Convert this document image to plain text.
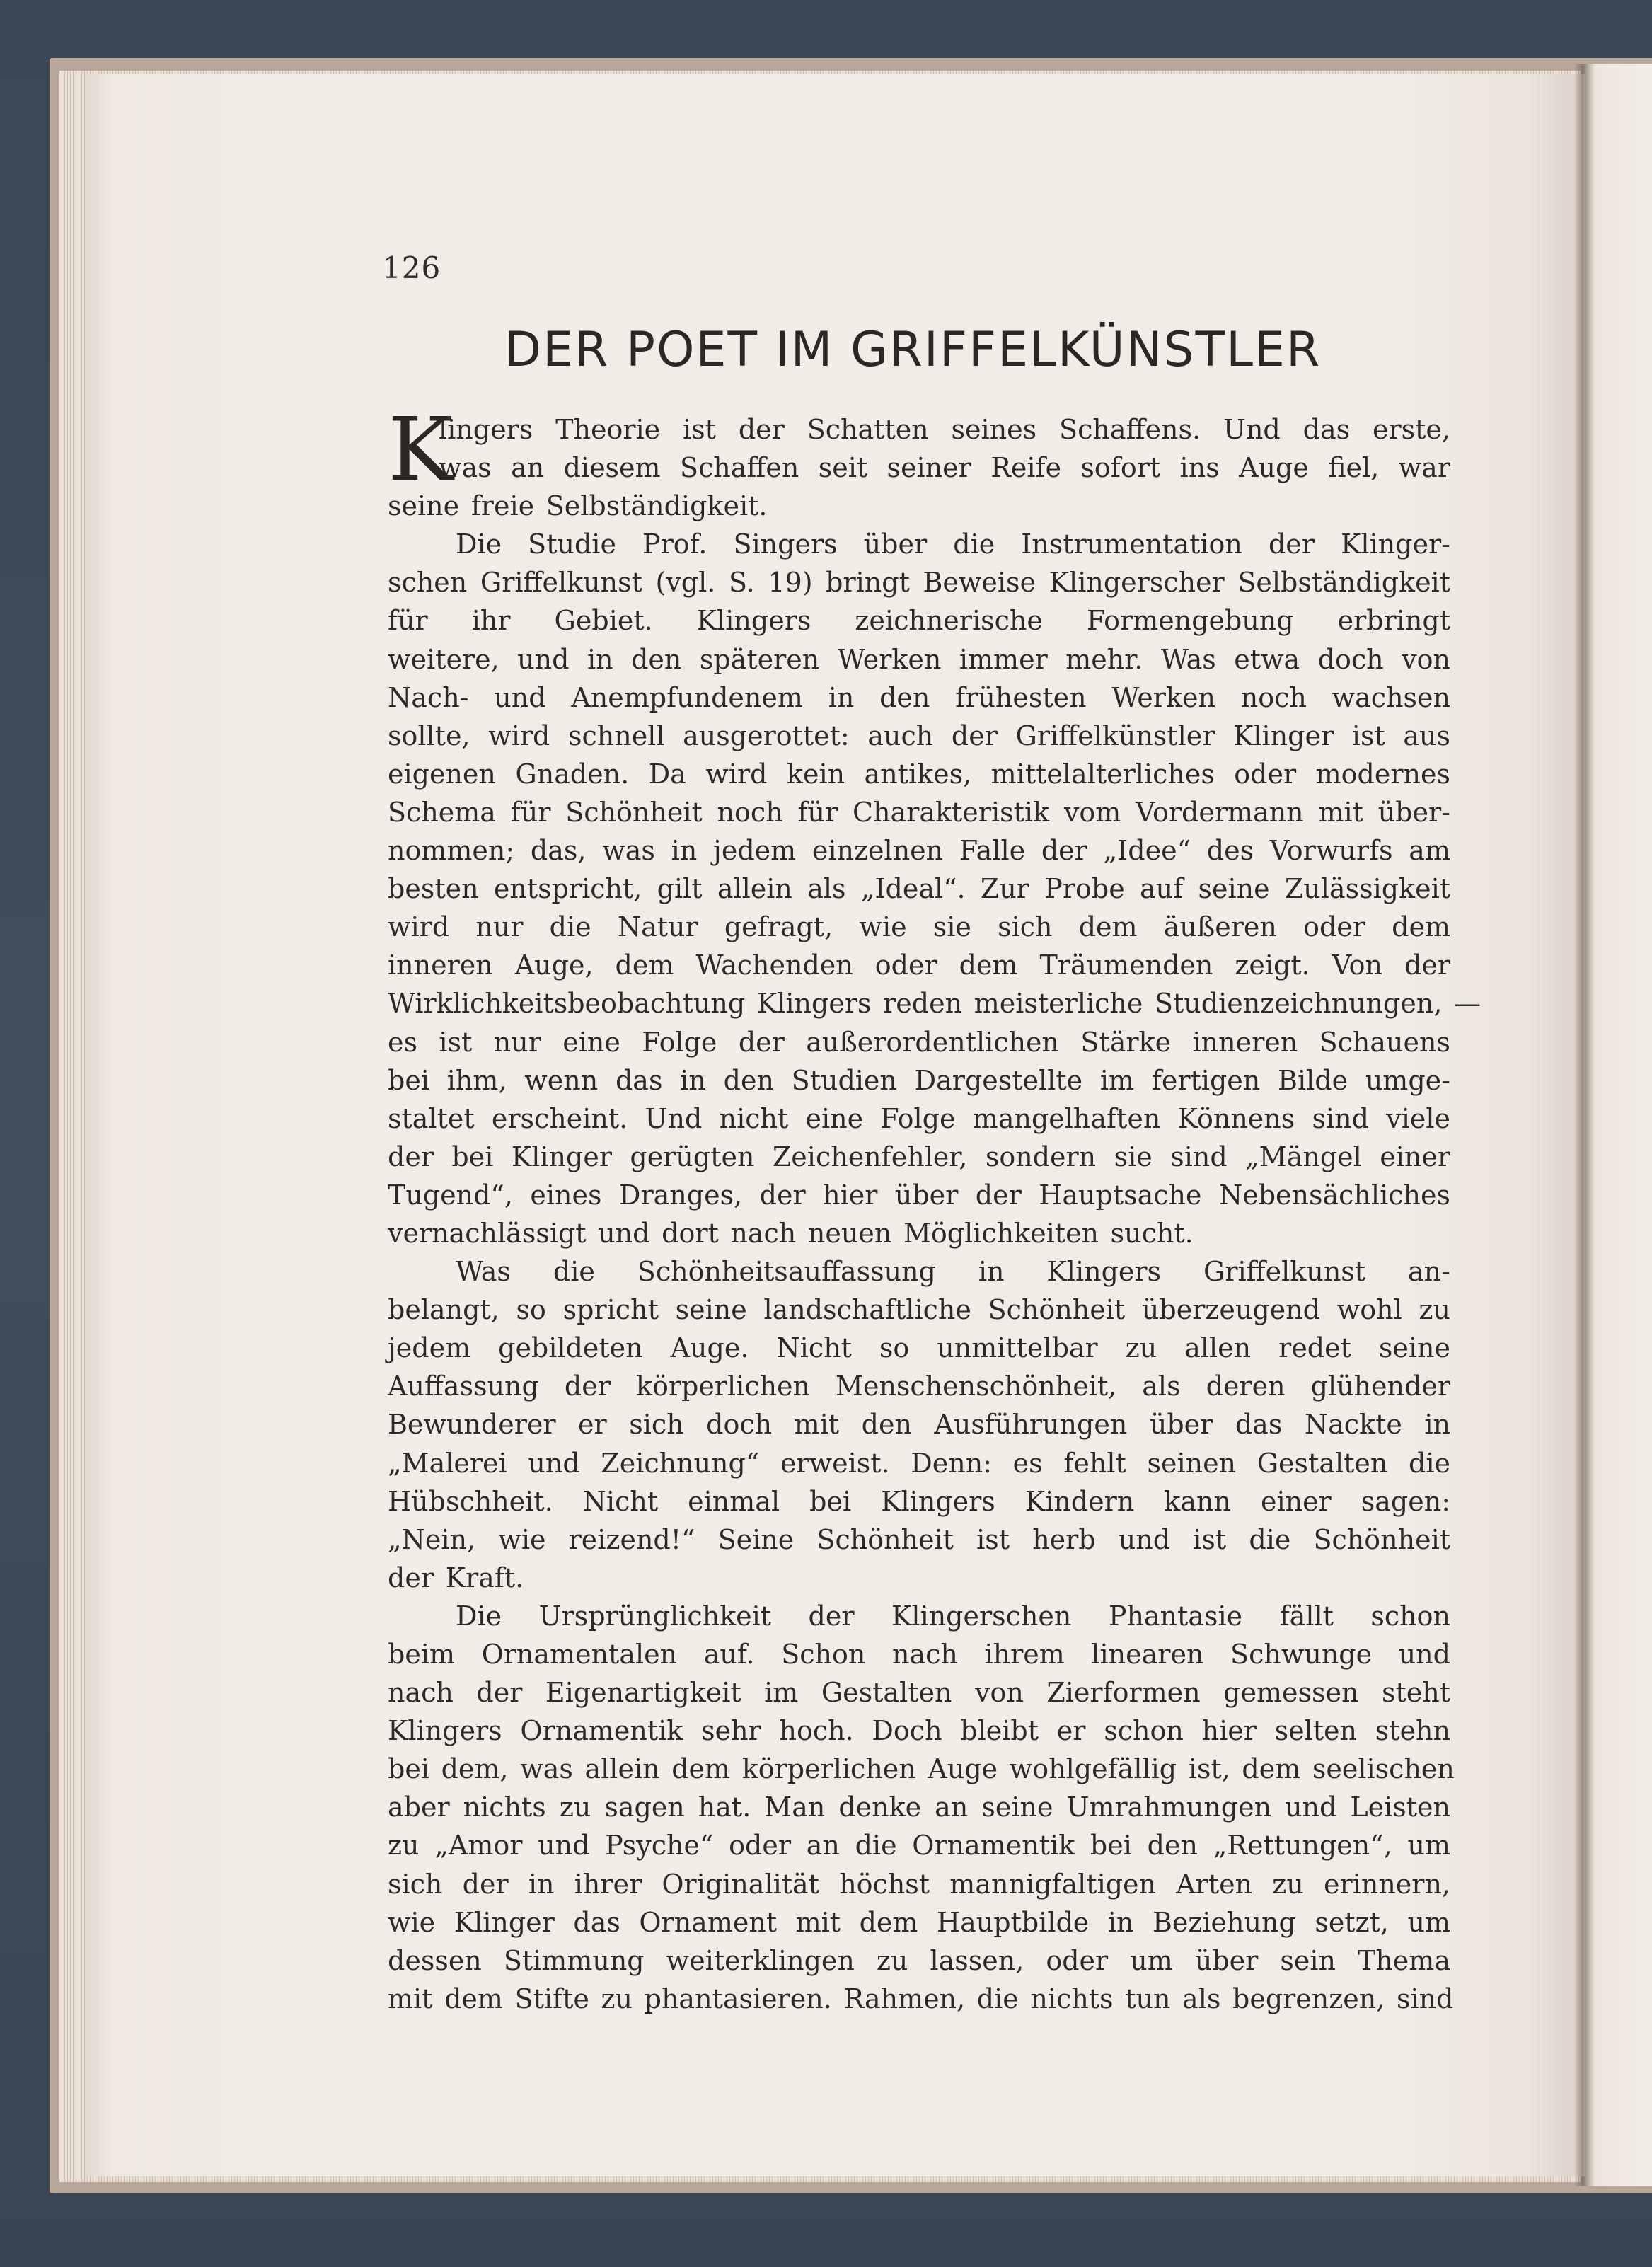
126
DER POET IM GRIFFELKÜNSTLER
K
lingers Theorie ist der Schatten seines Schaffens. Und das erste,
was an diesem Schaffen seit seiner Reife sofort ins Auge fiel, war
seine freie Selbständigkeit.
Die Studie Prof. Singers über die Instrumentation der Klinger-
schen Griffelkunst (vgl. S. 19) bringt Beweise Klingerscher Selbständigkeit
für ihr Gebiet. Klingers zeichnerische Formengebung erbringt
weitere, und in den späteren Werken immer mehr. Was etwa doch von
Nach- und Anempfundenem in den frühesten Werken noch wachsen
sollte, wird schnell ausgerottet: auch der Griffelkünstler Klinger ist aus
eigenen Gnaden. Da wird kein antikes, mittelalterliches oder modernes
Schema für Schönheit noch für Charakteristik vom Vordermann mit über-
nommen; das, was in jedem einzelnen Falle der „Idee“ des Vorwurfs am
besten entspricht, gilt allein als „Ideal“. Zur Probe auf seine Zulässigkeit
wird nur die Natur gefragt, wie sie sich dem äußeren oder dem
inneren Auge, dem Wachenden oder dem Träumenden zeigt. Von der
Wirklichkeitsbeobachtung Klingers reden meisterliche Studienzeichnungen, —
es ist nur eine Folge der außerordentlichen Stärke inneren Schauens
bei ihm, wenn das in den Studien Dargestellte im fertigen Bilde umge-
staltet erscheint. Und nicht eine Folge mangelhaften Könnens sind viele
der bei Klinger gerügten Zeichenfehler, sondern sie sind „Mängel einer
Tugend“, eines Dranges, der hier über der Hauptsache Nebensächliches
vernachlässigt und dort nach neuen Möglichkeiten sucht.
Was die Schönheitsauffassung in Klingers Griffelkunst an-
belangt, so spricht seine landschaftliche Schönheit überzeugend wohl zu
jedem gebildeten Auge. Nicht so unmittelbar zu allen redet seine
Auffassung der körperlichen Menschenschönheit, als deren glühender
Bewunderer er sich doch mit den Ausführungen über das Nackte in
„Malerei und Zeichnung“ erweist. Denn: es fehlt seinen Gestalten die
Hübschheit. Nicht einmal bei Klingers Kindern kann einer sagen:
„Nein, wie reizend!“ Seine Schönheit ist herb und ist die Schönheit
der Kraft.
Die Ursprünglichkeit der Klingerschen Phantasie fällt schon
beim Ornamentalen auf. Schon nach ihrem linearen Schwunge und
nach der Eigenartigkeit im Gestalten von Zierformen gemessen steht
Klingers Ornamentik sehr hoch. Doch bleibt er schon hier selten stehn
bei dem, was allein dem körperlichen Auge wohlgefällig ist, dem seelischen
aber nichts zu sagen hat. Man denke an seine Umrahmungen und Leisten
zu „Amor und Psyche“ oder an die Ornamentik bei den „Rettungen“, um
sich der in ihrer Originalität höchst mannigfaltigen Arten zu erinnern,
wie Klinger das Ornament mit dem Hauptbilde in Beziehung setzt, um
dessen Stimmung weiterklingen zu lassen, oder um über sein Thema
mit dem Stifte zu phantasieren. Rahmen, die nichts tun als begrenzen, sind
